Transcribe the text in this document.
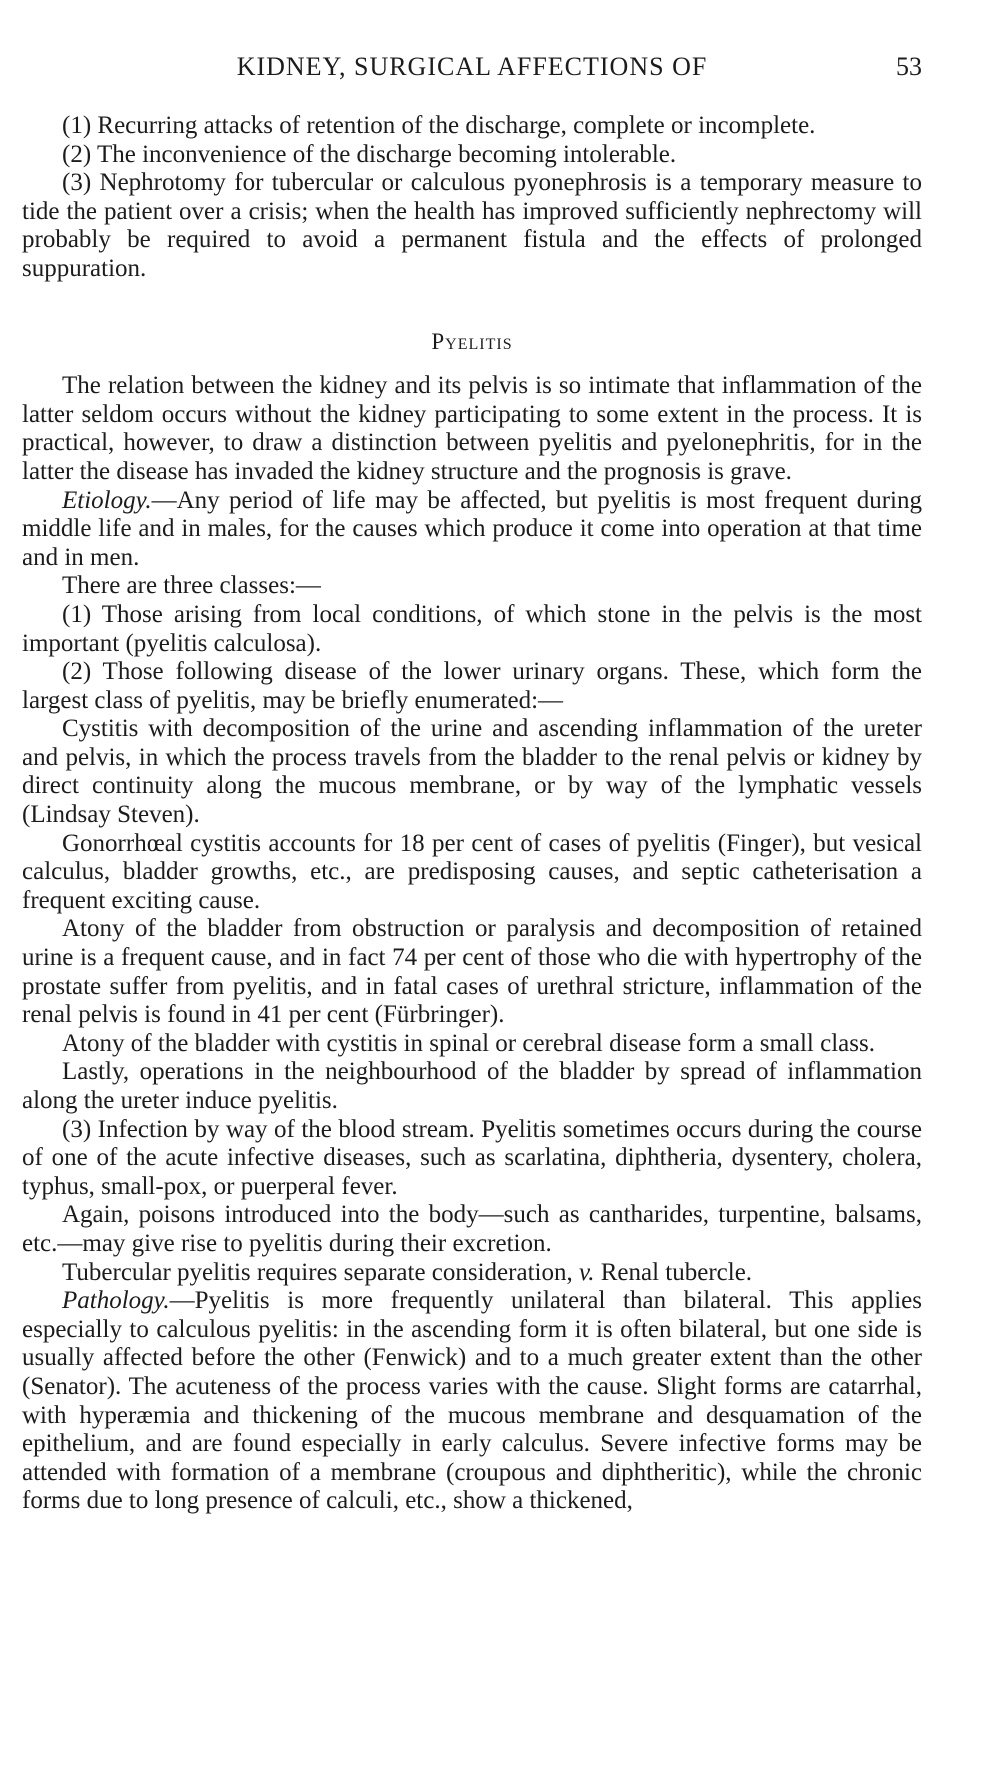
KIDNEY, SURGICAL AFFECTIONS OF	53

(1) Recurring attacks of retention of the discharge, complete or incomplete.

(2) The inconvenience of the discharge becoming intolerable.

(3) Nephrotomy for tubercular or calculous pyonephrosis is a temporary measure to tide the patient over a crisis; when the health has improved sufficiently nephrectomy will probably be required to avoid a permanent fistula and the effects of prolonged suppuration.

Pyelitis

The relation between the kidney and its pelvis is so intimate that inflammation of the latter seldom occurs without the kidney participating to some extent in the process. It is practical, however, to draw a distinction between pyelitis and pyelonephritis, for in the latter the disease has invaded the kidney structure and the prognosis is grave.

Etiology.—Any period of life may be affected, but pyelitis is most frequent during middle life and in males, for the causes which produce it come into operation at that time and in men.

There are three classes:—

(1) Those arising from local conditions, of which stone in the pelvis is the most important (pyelitis calculosa).

(2) Those following disease of the lower urinary organs. These, which form the largest class of pyelitis, may be briefly enumerated:—

Cystitis with decomposition of the urine and ascending inflammation of the ureter and pelvis, in which the process travels from the bladder to the renal pelvis or kidney by direct continuity along the mucous membrane, or by way of the lymphatic vessels (Lindsay Steven).

Gonorrhœal cystitis accounts for 18 per cent of cases of pyelitis (Finger), but vesical calculus, bladder growths, etc., are predisposing causes, and septic catheterisation a frequent exciting cause.

Atony of the bladder from obstruction or paralysis and decomposition of retained urine is a frequent cause, and in fact 74 per cent of those who die with hypertrophy of the prostate suffer from pyelitis, and in fatal cases of urethral stricture, inflammation of the renal pelvis is found in 41 per cent (Fürbringer).

Atony of the bladder with cystitis in spinal or cerebral disease form a small class.

Lastly, operations in the neighbourhood of the bladder by spread of inflammation along the ureter induce pyelitis.

(3) Infection by way of the blood stream. Pyelitis sometimes occurs during the course of one of the acute infective diseases, such as scarlatina, diphtheria, dysentery, cholera, typhus, small-pox, or puerperal fever.

Again, poisons introduced into the body—such as cantharides, turpentine, balsams, etc.—may give rise to pyelitis during their excretion.

Tubercular pyelitis requires separate consideration, v. Renal tubercle.

Pathology.—Pyelitis is more frequently unilateral than bilateral. This applies especially to calculous pyelitis: in the ascending form it is often bilateral, but one side is usually affected before the other (Fenwick) and to a much greater extent than the other (Senator). The acuteness of the process varies with the cause. Slight forms are catarrhal, with hyperæmia and thickening of the mucous membrane and desquamation of the epithelium, and are found especially in early calculus. Severe infective forms may be attended with formation of a membrane (croupous and diphtheritic), while the chronic forms due to long presence of calculi, etc., show a thickened,
